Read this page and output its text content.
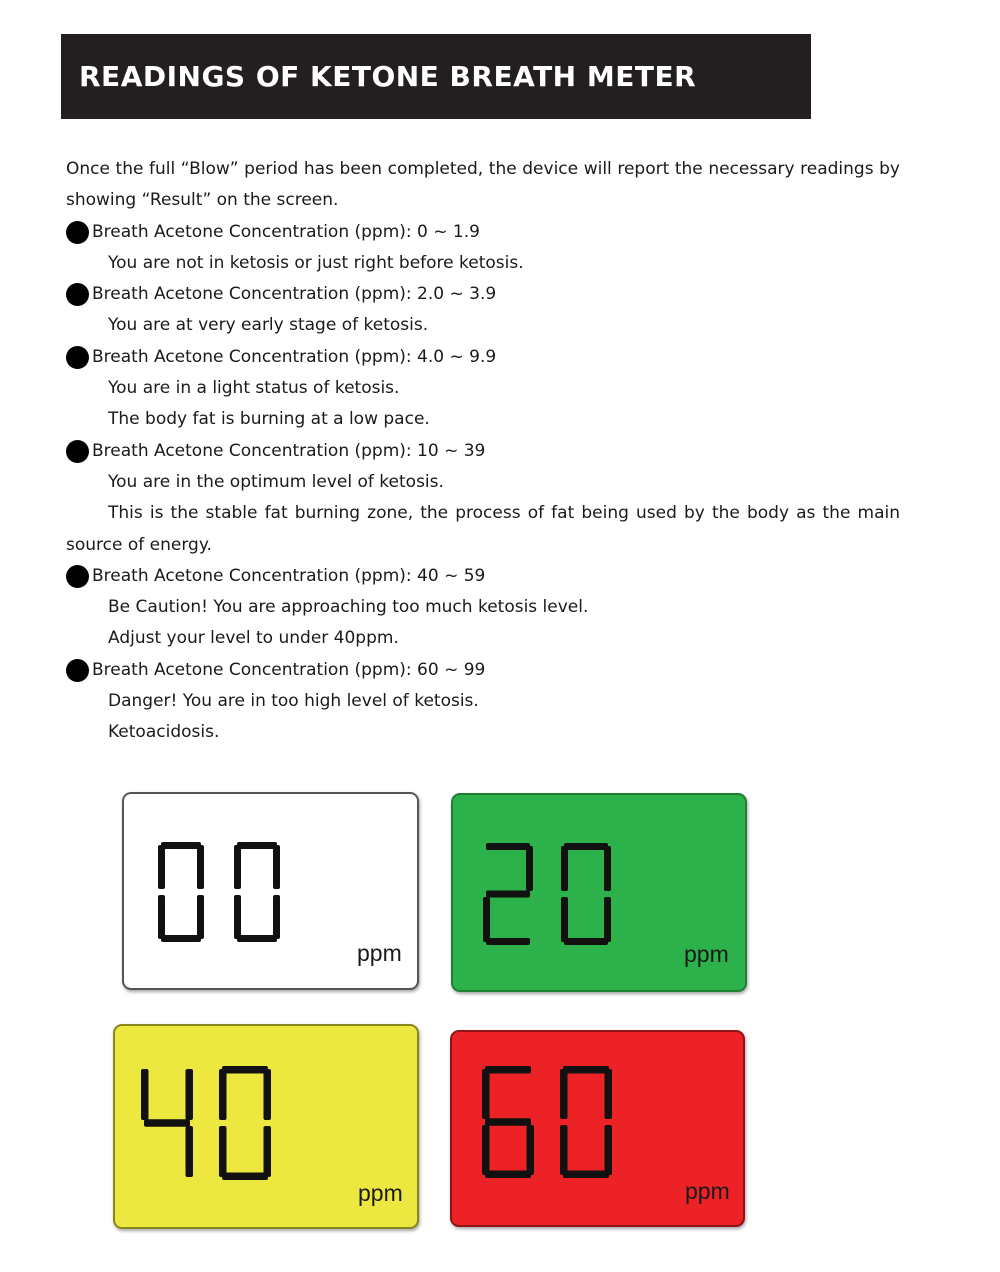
READINGS OF KETONE BREATH METER
Once the full “Blow” period has been completed, the device will report the necessary readings by
showing “Result” on the screen.
Breath Acetone Concentration (ppm): 0 ~ 1.9
You are not in ketosis or just right before ketosis.
Breath Acetone Concentration (ppm): 2.0 ~ 3.9
You are at very early stage of ketosis.
Breath Acetone Concentration (ppm): 4.0 ~ 9.9
You are in a light status of ketosis.
The body fat is burning at a low pace.
Breath Acetone Concentration (ppm): 10 ~ 39
You are in the optimum level of ketosis.
This is the stable fat burning zone, the process of fat being used by the body as the main
source of energy.
Breath Acetone Concentration (ppm): 40 ~ 59
Be Caution! You are approaching too much ketosis level.
Adjust your level to under 40ppm.
Breath Acetone Concentration (ppm): 60 ~ 99
Danger! You are in too high level of ketosis.
Ketoacidosis.
ppm	ppm
ppm	ppm
